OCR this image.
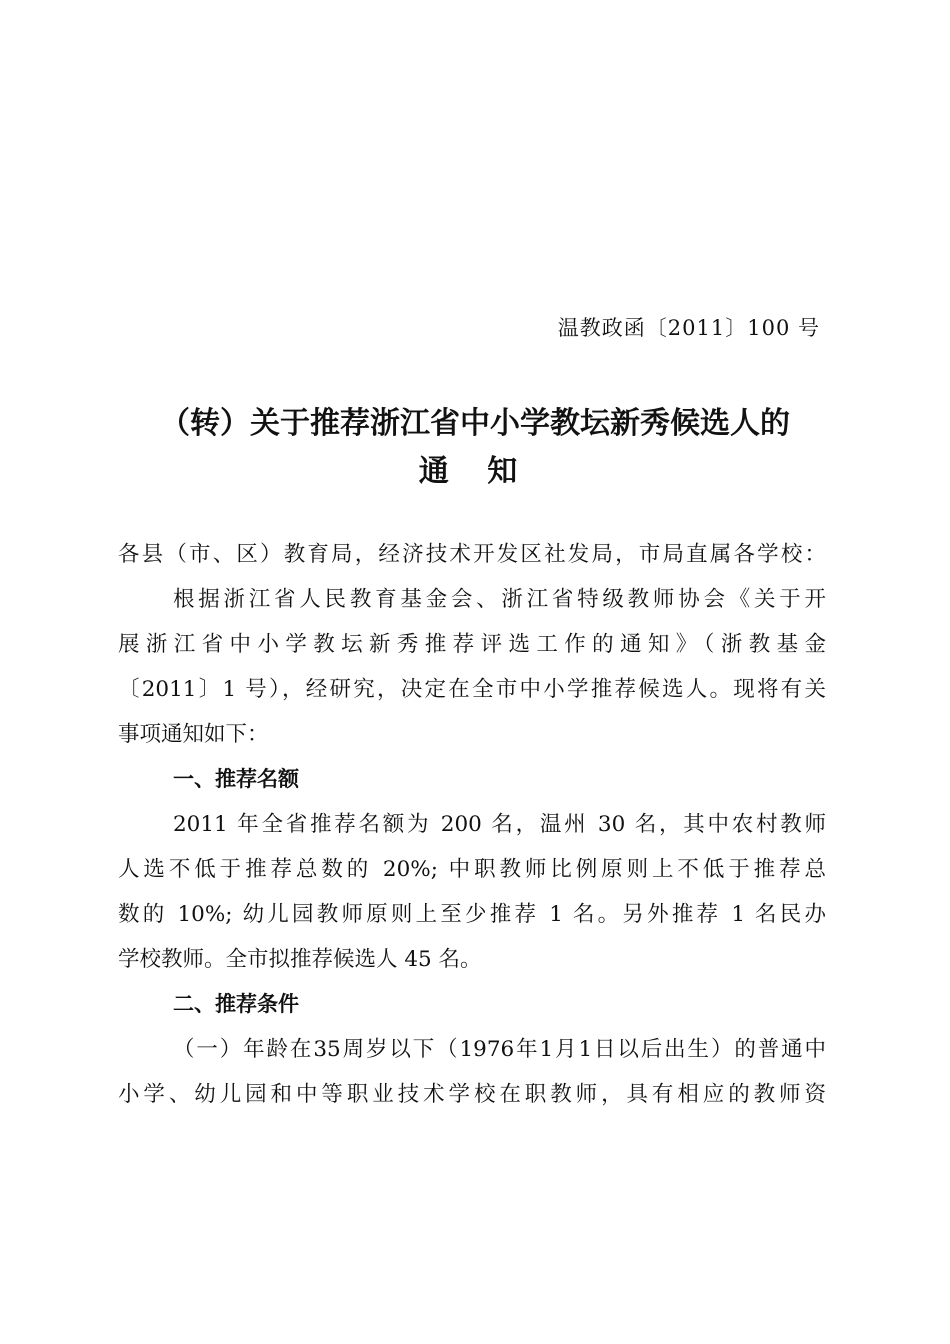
温教政函〔2011〕100 号
（转）关于推荐浙江省中小学教坛新秀候选人的
通 知
各县（市、区）教育局，经济技术开发区社发局，市局直属各学校：
根据浙江省人民教育基金会、浙江省特级教师协会《关于开
展浙江省中小学教坛新秀推荐评选工作的通知》（浙教基金
〔2011〕1 号），经研究，决定在全市中小学推荐候选人。现将有关
事项通知如下：
一、推荐名额
2011 年全省推荐名额为 200 名，温州 30 名，其中农村教师
人选不低于推荐总数的 20%; 中职教师比例原则上不低于推荐总
数的 10%; 幼儿园教师原则上至少推荐 1 名。另外推荐 1 名民办
学校教师。全市拟推荐候选人 45 名。
二、推荐条件
（一）年龄在35周岁以下（1976年1月1日以后出生）的普通中
小学、幼儿园和中等职业技术学校在职教师，具有相应的教师资
